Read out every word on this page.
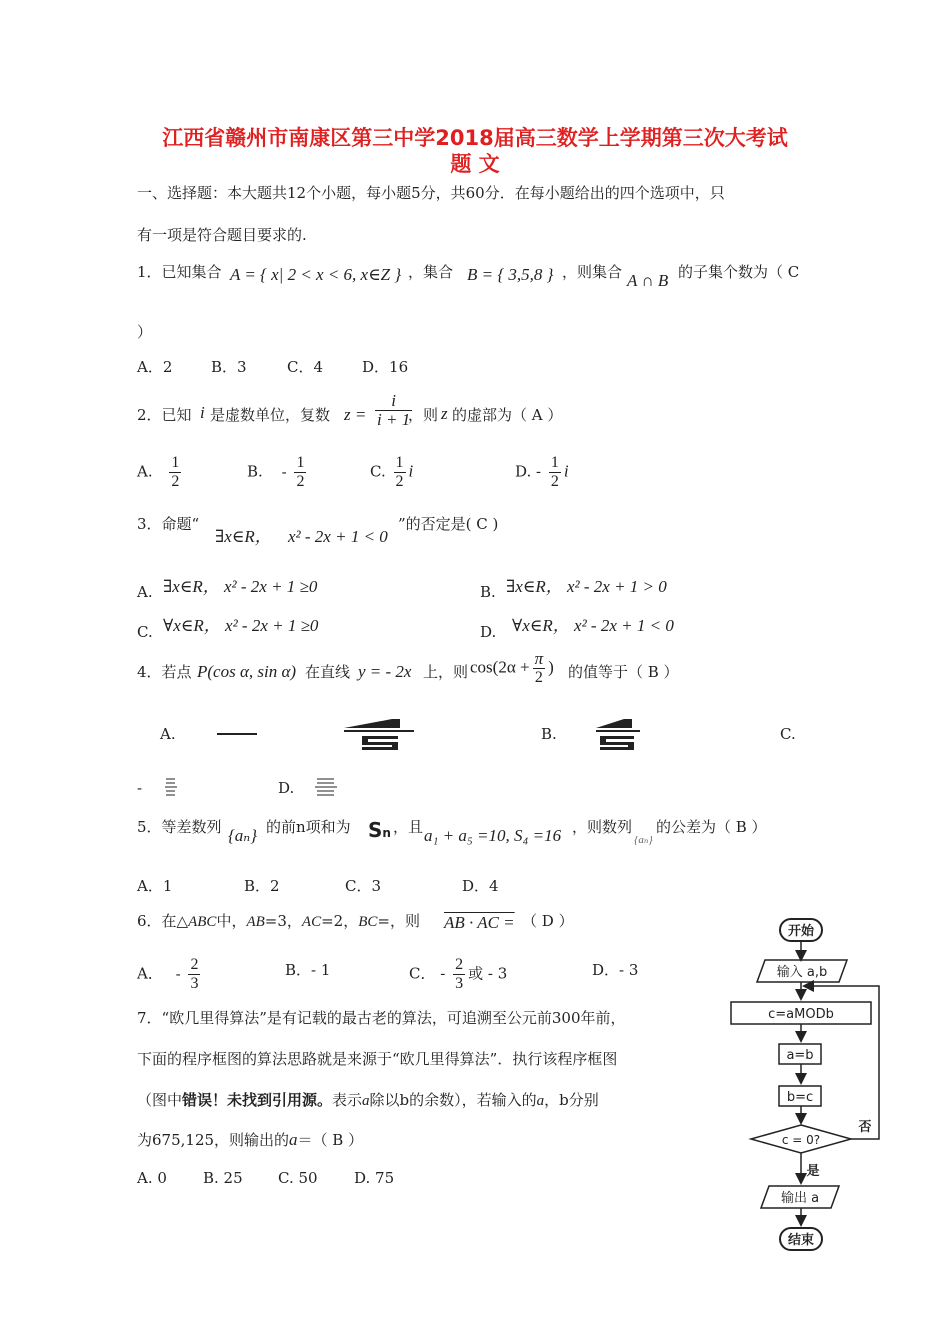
江西省赣州市南康区第三中学2018届高三数学上学期第三次大考试
题 文
一、选择题：本大题共12个小题，每小题5分，共60分．在每小题给出的四个选项中，只
有一项是符合题目要求的.
1．已知集合 A = { x| 2 < x < 6, x∈Z } ，集合 B = { 3,5,8 } ，则集合 A ∩ B 的子集个数为（ C
）
A．2	B．3	C．4	D．16
2．已知 i 是虚数单位，复数 $z = \frac{i}{i + 1}$
，则 z 的虚部为（ A ）
A. $\frac{1}{2}$	B. - $\frac{1}{2}$	C. $\frac{1}{2}$ i	D. - $\frac{1}{2}$ i
3．命题“
∃x∈R， x² - 2x + 1 < 0
”的否定是( C )
A. ∃x∈R， x² - 2x + 1 ≥0	B. ∃x∈R， x² - 2x + 1 > 0
C. ∀x∈R， x² - 2x + 1 ≥0	D. ∀x∈R， x² - 2x + 1 < 0
4．若点 P(cos α, sin α) 在直线 y = - 2x 上，则 $\cos(2\alpha + \frac{\pi}{2}$ ) 的值等于（ B ）
A.	B.	C.
-	D.
5．等差数列 {aₙ} 的前n项和为 Sn ，且 a₁ + a₅ =10, S₄ =16 ，则数列
{aₙ}
的公差为（ B ）
A．1	B．2	C．3	D．4
6．在△ABC中，AB=3，AC=2，BC=，则 AB · AC = （ D ）
A． - $\frac{2}{3}$	B．- 1	C． - $\frac{2}{3}$ 或 - 3	D．- 3
7．“欧几里得算法”是有记载的最古老的算法，可追溯至公元前300年前，
下面的程序框图的算法思路就是来源于“欧几里得算法”．执行该程序框图
（图中错误！未找到引用源。表示a除以b的余数），若输入的a，b分别
为675,125，则输出的a＝（ B ）
A. 0 B. 25 C. 50 D. 75
开始
输入 a,b
c=aMODb
a=b
b=c
c = 0?
否
是
输出 a
结束
